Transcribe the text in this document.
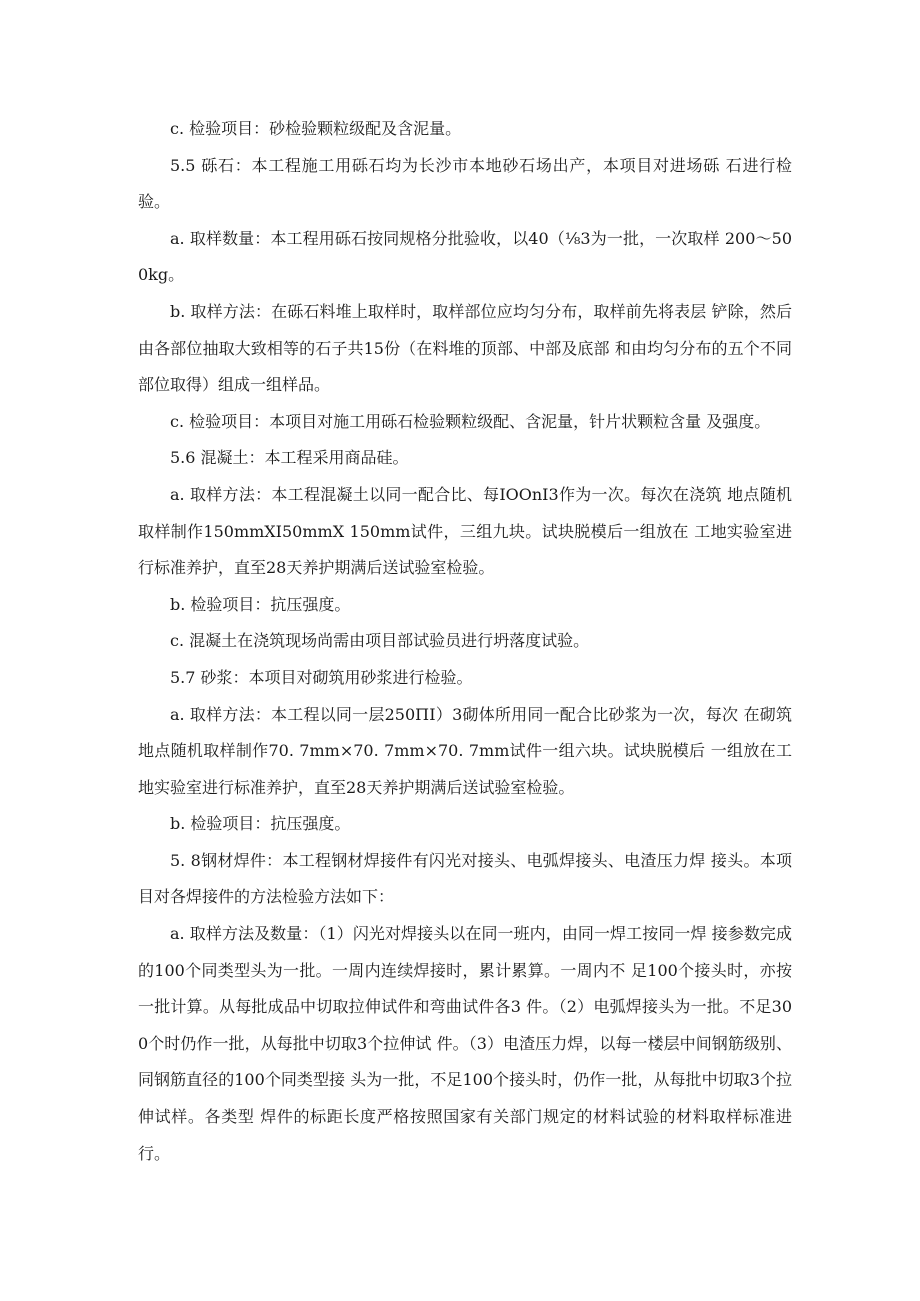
c. 检验项目：砂检验颗粒级配及含泥量。

5.5 砾石：本工程施工用砾石均为长沙市本地砂石场出产，本项目对进场砾 石进行检验。

a. 取样数量：本工程用砾石按同规格分批验收，以40（⅛3为一批，一次取样 200～500kg。

b. 取样方法：在砾石料堆上取样时，取样部位应均匀分布，取样前先将表层 铲除，然后由各部位抽取大致相等的石子共15份（在料堆的顶部、中部及底部 和由均匀分布的五个不同部位取得）组成一组样品。

c. 检验项目：本项目对施工用砾石检验颗粒级配、含泥量，针片状颗粒含量 及强度。

5.6 混凝土：本工程采用商品硅。

a. 取样方法：本工程混凝土以同一配合比、每IOOnI3作为一次。每次在浇筑 地点随机取样制作150mmXI50mmX 150mm试件，三组九块。试块脱模后一组放在 工地实验室进行标准养护，直至28天养护期满后送试验室检验。

b. 检验项目：抗压强度。

c. 混凝土在浇筑现场尚需由项目部试验员进行坍落度试验。

5.7 砂浆：本项目对砌筑用砂浆进行检验。

a. 取样方法：本工程以同一层250ΠⅠ）3砌体所用同一配合比砂浆为一次，每次 在砌筑地点随机取样制作70. 7mm×70. 7mm×70. 7mm试件一组六块。试块脱模后 一组放在工地实验室进行标准养护，直至28天养护期满后送试验室检验。

b. 检验项目：抗压强度。

5. 8钢材焊件：本工程钢材焊接件有闪光对接头、电弧焊接头、电渣压力焊 接头。本项目对各焊接件的方法检验方法如下：

a. 取样方法及数量：（1）闪光对焊接头以在同一班内，由同一焊工按同一焊 接参数完成的100个同类型头为一批。一周内连续焊接时，累计累算。一周内不 足100个接头时，亦按一批计算。从每批成品中切取拉伸试件和弯曲试件各3 件。（2）电弧焊接头为一批。不足300个时仍作一批，从每批中切取3个拉伸试 件。（3）电渣压力焊，以每一楼层中间钢筋级别、同钢筋直径的100个同类型接 头为一批，不足100个接头时，仍作一批，从每批中切取3个拉伸试样。各类型 焊件的标距长度严格按照国家有关部门规定的材料试验的材料取样标准进行。
